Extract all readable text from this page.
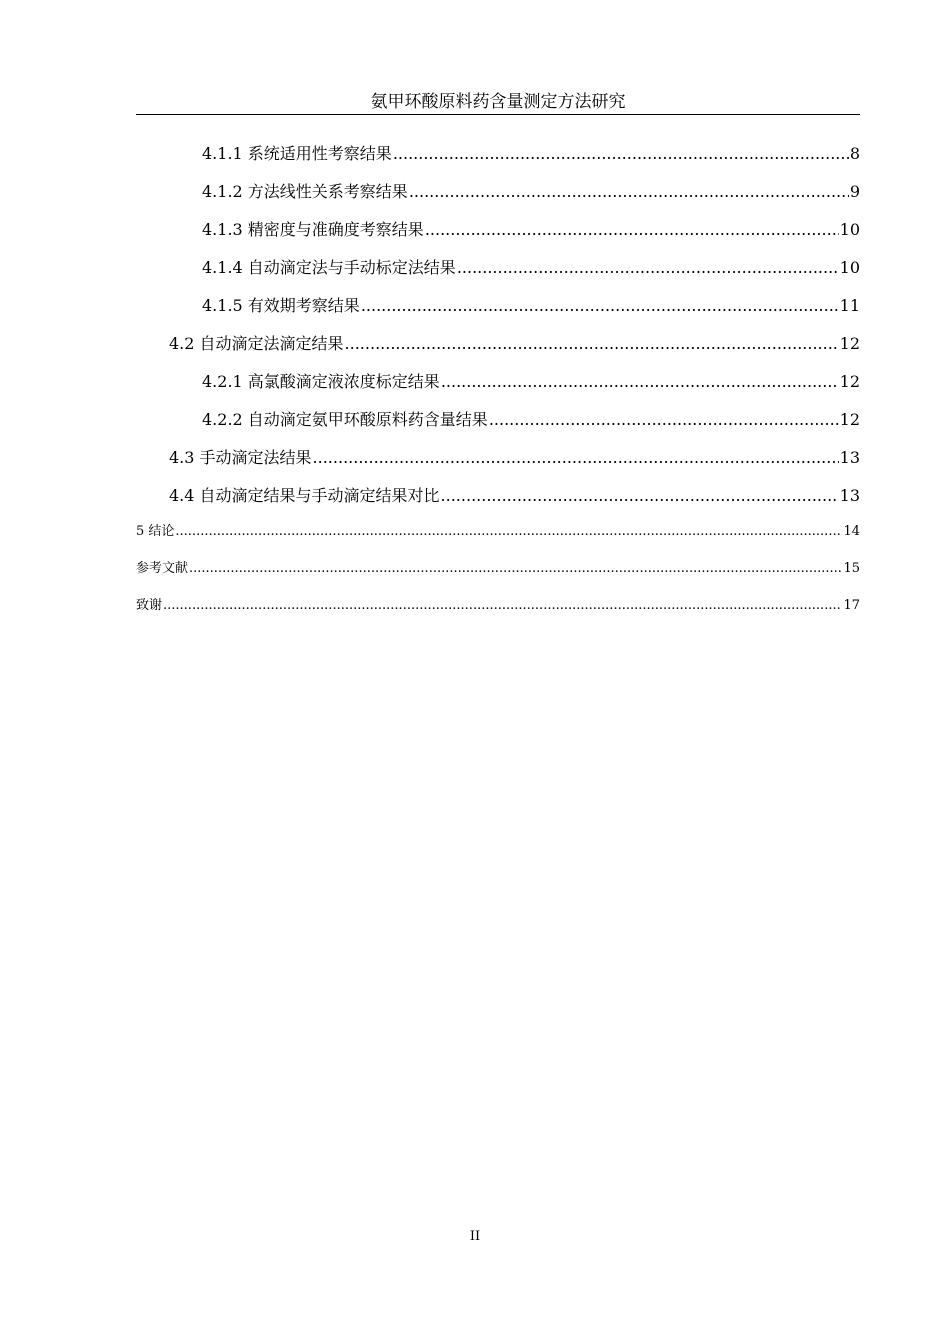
氨甲环酸原料药含量测定方法研究
4.1.1 系统适用性考察结果 .....	8
4.1.2 方法线性关系考察结果 .....	9
4.1.3 精密度与准确度考察结果 .....	10
4.1.4 自动滴定法与手动标定法结果 .....	10
4.1.5 有效期考察结果 .....	11
4.2 自动滴定法滴定结果 .....	12
4.2.1 高氯酸滴定液浓度标定结果 .....	12
4.2.2 自动滴定氨甲环酸原料药含量结果 .....	12
4.3 手动滴定法结果 .....	13
4.4 自动滴定结果与手动滴定结果对比 .....	13
5 结论 .....	14
参考文献 .....	15
致谢 .....	17
II
